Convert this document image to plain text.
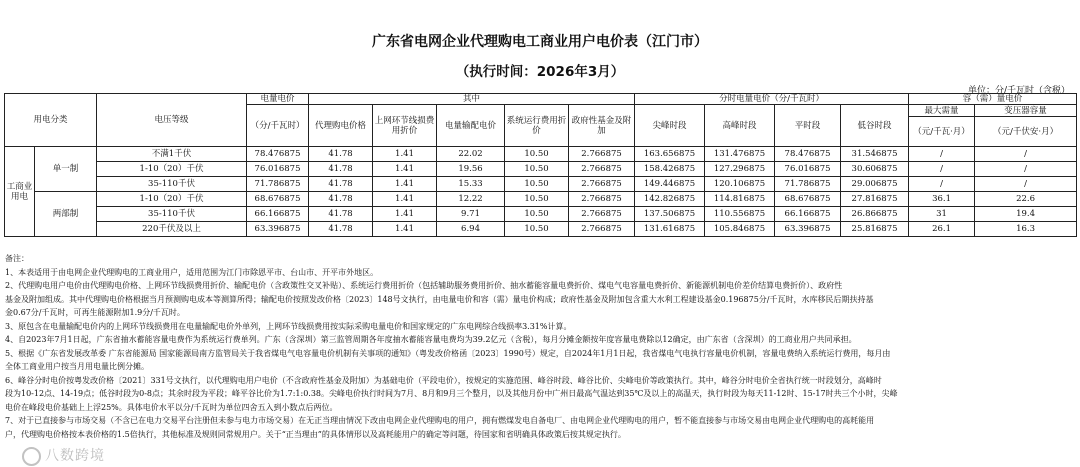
广东省电网企业代理购电工商业用户电价表（江门市）
（执行时间：2026年3月）
单位：分/千瓦时（含税）
用电分类		电压等级	电量电价	其中					分时电量电价（分/千瓦时）				容（需）量电价	
			（分/千瓦时）	代理购电价格	上网环节线损费用折价	电量输配电价	系统运行费用折价	政府性基金及附加	尖峰时段	高峰时段	平时段	低谷时段	最大需量	变压器容量
													（元/千瓦·月）	（元/千伏安·月）
工商业用电	单一制	不满1千伏	78.476875	41.78	1.41	22.02	10.50	2.766875	163.656875	131.476875	78.476875	31.546875	/	/
		1-10（20）千伏	76.016875	41.78	1.41	19.56	10.50	2.766875	158.426875	127.296875	76.016875	30.606875	/	/
		35-110千伏	71.786875	41.78	1.41	15.33	10.50	2.766875	149.446875	120.106875	71.786875	29.006875	/	/
	两部制	1-10（20）千伏	68.676875	41.78	1.41	12.22	10.50	2.766875	142.826875	114.816875	68.676875	27.816875	36.1	22.6
		35-110千伏	66.166875	41.78	1.41	9.71	10.50	2.766875	137.506875	110.556875	66.166875	26.866875	31	19.4
		220千伏及以上	63.396875	41.78	1.41	6.94	10.50	2.766875	131.616875	105.846875	63.396875	25.816875	26.1	16.3
备注：
1、本表适用于由电网企业代理购电的工商业用户，适用范围为江门市除恩平市、台山市、开平市外地区。
2、代理购电用户电价由代理购电价格、上网环节线损费用折价、输配电价（含政策性交叉补贴）、系统运行费用折价（包括辅助服务费用折价、抽水蓄能容量电费折价、煤电气电容量电费折价、新能源机制电价差价结算电费折价）、政府性
基金及附加组成。其中代理购电价格根据当月预测购电成本等测算所得；输配电价按照发改价格〔2023〕148号文执行，由电量电价和容（需）量电价构成；政府性基金及附加包含重大水利工程建设基金0.196875分/千瓦时，水库移民后期扶持基
金0.67分/千瓦时，可再生能源附加1.9分/千瓦时。
3、原包含在电量输配电价内的上网环节线损费用在电量输配电价外单列，上网环节线损费用按实际采购电量电价和国家规定的广东电网综合线损率3.31%计算。
4、自2023年7月1日起，广东省抽水蓄能容量电费作为系统运行费单列。广东（含深圳）第三监管周期各年度抽水蓄能容量电费均为39.2亿元（含税），每月分摊金额按年度容量电费除以12确定，由广东省（含深圳）的工商业用户共同承担。
5、根据《广东省发展改革委 广东省能源局 国家能源局南方监管局关于我省煤电气电容量电价机制有关事项的通知》（粤发改价格函〔2023〕1990号）规定，自2024年1月1日起，我省煤电气电执行容量电价机制，容量电费纳入系统运行费用，每月由
全体工商业用户按当月用电量比例分摊。
6、峰谷分时电价按粤发改价格〔2021〕331号文执行，以代理购电用户电价（不含政府性基金及附加）为基础电价（平段电价），按规定的实施范围、峰谷时段、峰谷比价、尖峰电价等政策执行。其中，峰谷分时电价全省执行统一时段划分，高峰时
段为10-12点、14-19点；低谷时段为0-8点；其余时段为平段；峰平谷比价为1.7:1:0.38。尖峰电价执行时间为7月、8月和9月三个整月，以及其他月份中广州日最高气温达到35℃及以上的高温天，执行时段为每天11-12时、15-17时共三个小时，尖峰
电价在峰段电价基础上上浮25%。具体电价水平以分/千瓦时为单位四舍五入到小数点后两位。
7、对于已直接参与市场交易（不含已在电力交易平台注册但未参与电力市场交易）在无正当理由情况下改由电网企业代理购电的用户，拥有燃煤发电自备电厂、由电网企业代理购电的用户，暂不能直接参与市场交易由电网企业代理购电的高耗能用
户，代理购电价格按本表价格的1.5倍执行，其他标准及规则同常规用户。关于“正当理由”的具体情形以及高耗能用户的确定等问题，待国家和省明确具体政策后按其规定执行。
八数跨境
